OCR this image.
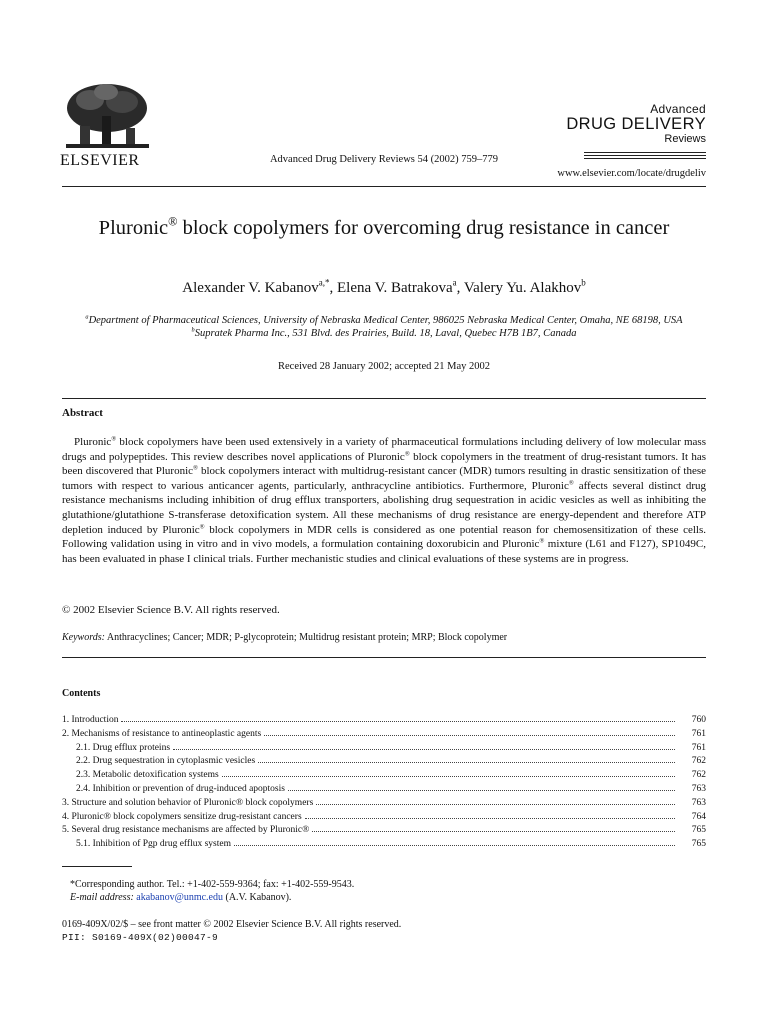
ELSEVIER	Advanced Drug Delivery Reviews 54 (2002) 759–779
Advanced
DRUG DELIVERY
Reviews
www.elsevier.com/locate/drugdeliv
Pluronic® block copolymers for overcoming drug resistance in cancer
Alexander V. Kabanov$^{a,*}$, Elena V. Batrakova$^a$, Valery Yu. Alakhov$^b$
$^a$Department of Pharmaceutical Sciences, University of Nebraska Medical Center, 986025 Nebraska Medical Center, Omaha, NE 68198, USA
$^b$Supratek Pharma Inc., 531 Blvd. des Prairies, Build. 18, Laval, Quebec H7B 1B7, Canada
Received 28 January 2002; accepted 21 May 2002
Abstract

Pluronic® block copolymers have been used extensively in a variety of pharmaceutical formulations including delivery of low molecular mass drugs and polypeptides. This review describes novel applications of Pluronic® block copolymers in the treatment of drug-resistant tumors. It has been discovered that Pluronic® block copolymers interact with multidrug-resistant cancer (MDR) tumors resulting in drastic sensitization of these tumors with respect to various anticancer agents, particularly, anthracycline antibiotics. Furthermore, Pluronic® affects several distinct drug resistance mechanisms including inhibition of drug efflux transporters, abolishing drug sequestration in acidic vesicles as well as inhibiting the glutathione/glutathione S-transferase detoxification system. All these mechanisms of drug resistance are energy-dependent and therefore ATP depletion induced by Pluronic® block copolymers in MDR cells is considered as one potential reason for chemosensitization of these cells. Following validation using in vitro and in vivo models, a formulation containing doxorubicin and Pluronic® mixture (L61 and F127), SP1049C, has been evaluated in phase I clinical trials. Further mechanistic studies and clinical evaluations of these systems are in progress.

© 2002 Elsevier Science B.V. All rights reserved.
Keywords: Anthracyclines; Cancer; MDR; P-glycoprotein; Multidrug resistant protein; MRP; Block copolymer
Contents
1. Introduction	760
2. Mechanisms of resistance to antineoplastic agents	761
2.1. Drug efflux proteins	761
2.2. Drug sequestration in cytoplasmic vesicles	762
2.3. Metabolic detoxification systems	762
2.4. Inhibition or prevention of drug-induced apoptosis	763
3. Structure and solution behavior of Pluronic® block copolymers	763
4. Pluronic® block copolymers sensitize drug-resistant cancers	764
5. Several drug resistance mechanisms are affected by Pluronic®	765
5.1. Inhibition of Pgp drug efflux system	765
*Corresponding author. Tel.: +1-402-559-9364; fax: +1-402-559-9543.
E-mail address: akabanov@unmc.edu (A.V. Kabanov).
0169-409X/02/$ – see front matter © 2002 Elsevier Science B.V. All rights reserved.
PII: S0169-409X(02)00047-9
